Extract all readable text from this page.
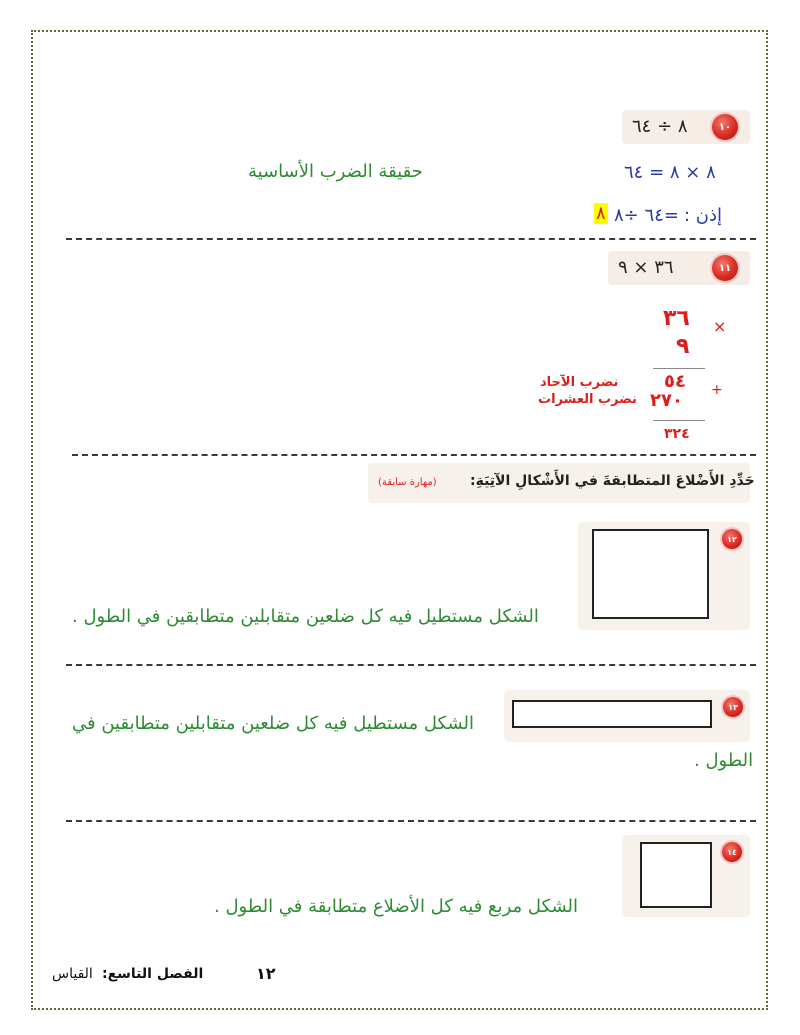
١٠
٨ ÷ ٦٤
٨ × ٨ = ٦٤
حقيقة الضرب الأساسية
إذن :
٦٤ ÷٨=
٨
١١
٣٦ × ٩
×
٣٦
٩
+
٥٤
٢٧٠
نضرب الآحاد
نضرب العشرات
٣٢٤
حَدِّدِ الأَضْلاعَ المتطابقةَ في الأَشْكالِ الآتِيَةِ:
(مهارة سابقة)
١٢
الشكل مستطيل فيه كل ضلعين متقابلين متطابقين في الطول .
١٣
الشكل مستطيل فيه كل ضلعين متقابلين متطابقين في
الطول .
١٤
الشكل مربع فيه كل الأضلاع متطابقة في الطول .
١٢
الفصل التاسع:
القياس
